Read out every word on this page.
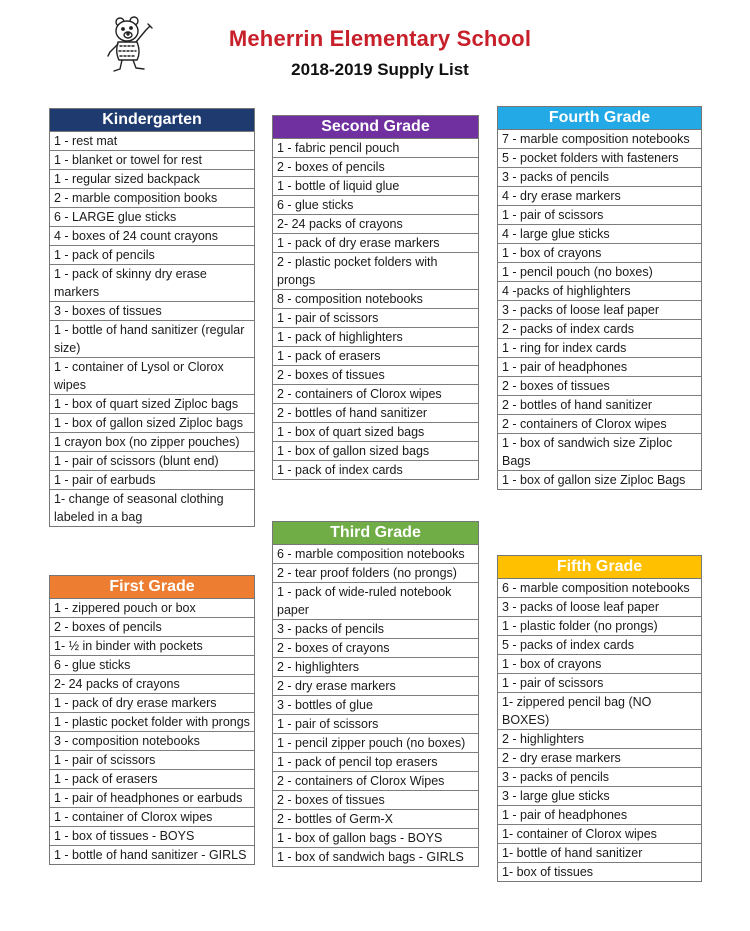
Meherrin Elementary School
2018-2019 Supply List
Kindergarten
1 - rest mat
1 - blanket or towel for rest
1 - regular sized backpack
2 - marble composition books
6 - LARGE glue sticks
4 - boxes of 24 count crayons
1 - pack of pencils
1 - pack of skinny dry erase markers
3 - boxes of tissues
1 - bottle of hand sanitizer (regular size)
1 - container of Lysol or Clorox wipes
1 - box of quart sized Ziploc bags
1 - box of gallon sized Ziploc bags
1 crayon box (no zipper pouches)
1 - pair of scissors (blunt end)
1 - pair of earbuds
1- change of seasonal clothing labeled in a bag
Second Grade
1 - fabric pencil pouch
2 - boxes of pencils
1 - bottle of liquid glue
6 - glue sticks
2- 24 packs of crayons
1 - pack of dry erase markers
2 - plastic pocket folders with prongs
8 - composition notebooks
1 - pair of scissors
1 - pack of highlighters
1 - pack of erasers
2 - boxes of tissues
2 - containers of Clorox wipes
2 - bottles of hand sanitizer
1 - box of quart sized bags
1 - box of gallon sized bags
1 - pack of index cards
Fourth Grade
7 - marble composition notebooks
5 - pocket folders with fasteners
3 - packs of pencils
4 - dry erase markers
1 - pair of scissors
4 - large glue sticks
1 - box of crayons
1 - pencil pouch (no boxes)
4 -packs of highlighters
3 - packs of loose leaf paper
2 - packs of index cards
1 - ring for index cards
1 - pair of headphones
2 - boxes of tissues
2 - bottles of hand sanitizer
2 - containers of Clorox wipes
1 - box of sandwich size Ziploc Bags
1 - box of gallon size Ziploc Bags
First Grade
1 - zippered pouch or box
2 - boxes of pencils
1- ½ in binder with pockets
6 - glue sticks
2- 24 packs of crayons
1 - pack of dry erase markers
1 - plastic pocket folder with prongs
3 - composition notebooks
1 - pair of scissors
1 - pack of erasers
1 - pair of headphones or earbuds
1 - container of Clorox wipes
1 - box of tissues - BOYS
1 - bottle of hand sanitizer - GIRLS
Third Grade
6 - marble composition notebooks
2 - tear proof folders (no prongs)
1 - pack of wide-ruled notebook paper
3 - packs of pencils
2 - boxes of crayons
2 - highlighters
2 - dry erase markers
3 - bottles of glue
1 - pair of scissors
1 - pencil zipper pouch (no boxes)
1 - pack of pencil top erasers
2 - containers of Clorox Wipes
2 - boxes of tissues
2 - bottles of Germ-X
1 - box of gallon bags - BOYS
1 - box of sandwich bags - GIRLS
Fifth Grade
6 - marble composition notebooks
3 - packs of loose leaf paper
1 - plastic folder (no prongs)
5 - packs of index cards
1 - box of crayons
1 - pair of scissors
1- zippered pencil bag (NO BOXES)
2 - highlighters
2 - dry erase markers
3 - packs of pencils
3 - large glue sticks
1 - pair of headphones
1- container of Clorox wipes
1- bottle of hand sanitizer
1- box of tissues
